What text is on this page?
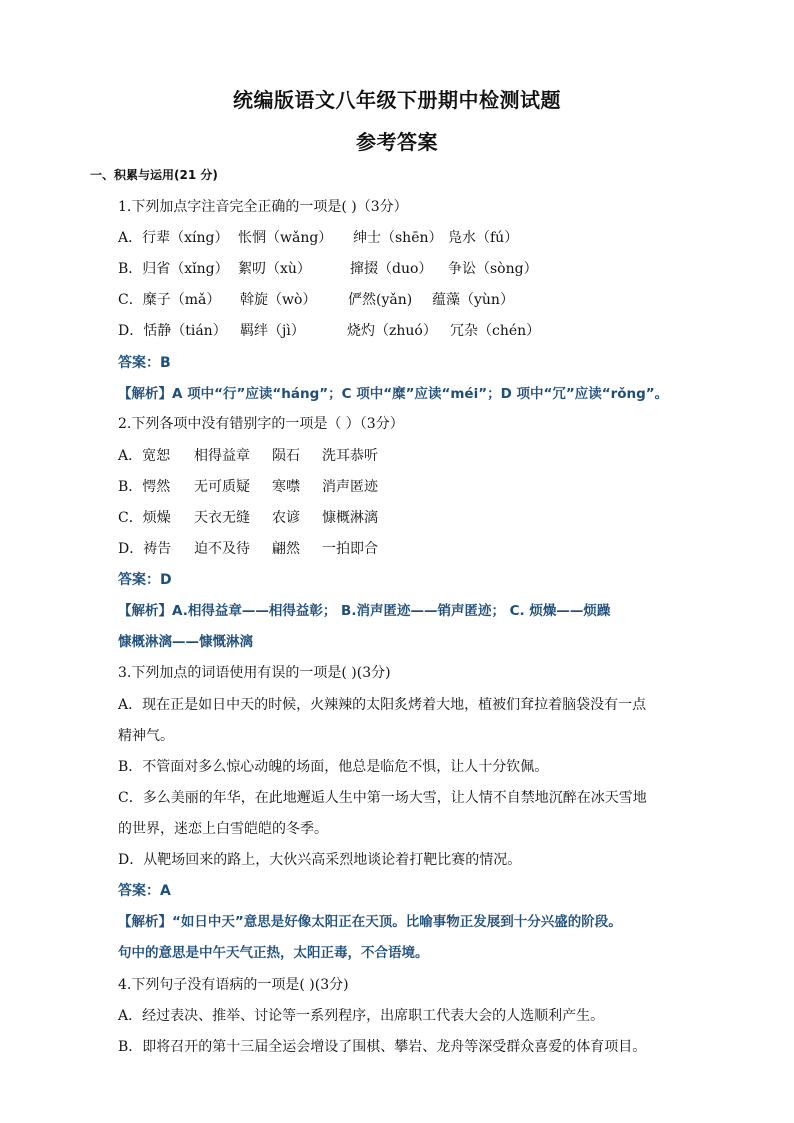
统编版语文八年级下册期中检测试题
参考答案
一、积累与运用(21 分)
1.下列加点字注音完全正确的一项是( )（3分）
A．行辈（xíng） 怅惘（wǎng） 绅士（shēn） 凫水（fú）
B．归省（xǐng） 絮叨（xù）	撺掇（duo） 争讼（sòng）
C．糜子（mǎ） 斡旋（wò） 俨然(yǎn) 蕴藻（yùn）
D．恬静（tián） 羁绊（jì）	烧灼（zhuó） 冗杂（chén）
答案：B
【解析】A 项中“行”应读“háng”；C 项中“糜”应读“méi”；D 项中“冗”应读“rǒng”。
2.下列各项中没有错别字的一项是（ ）（3分）
A．宽恕 相得益章 陨石 洗耳恭听
B．愕然 无可质疑 寒噤 消声匿迹
C．烦燥 天衣无缝 农谚 慷概淋漓
D．祷告 迫不及待 翩然 一拍即合
答案：D
【解析】A.相得益章——相得益彰； B.消声匿迹——销声匿迹； C. 烦燥——烦躁
慷概淋漓——慷慨淋漓
3.下列加点的词语使用有误的一项是( )(3分)
A．现在正是如日中天的时候，火辣辣的太阳炙烤着大地，植被们耷拉着脑袋没有一点
精神气。
B．不管面对多么惊心动魄的场面，他总是临危不惧，让人十分钦佩。
C．多么美丽的年华，在此地邂逅人生中第一场大雪，让人情不自禁地沉醉在冰天雪地
的世界，迷恋上白雪皑皑的冬季。
D．从靶场回来的路上，大伙兴高采烈地谈论着打靶比赛的情况。
答案：A
【解析】“如日中天”意思是好像太阳正在天顶。比喻事物正发展到十分兴盛的阶段。
句中的意思是中午天气正热，太阳正毒，不合语境。
4.下列句子没有语病的一项是( )(3分)
A．经过表决、推举、讨论等一系列程序，出席职工代表大会的人选顺利产生。
B．即将召开的第十三届全运会增设了围棋、攀岩、龙舟等深受群众喜爱的体育项目。
